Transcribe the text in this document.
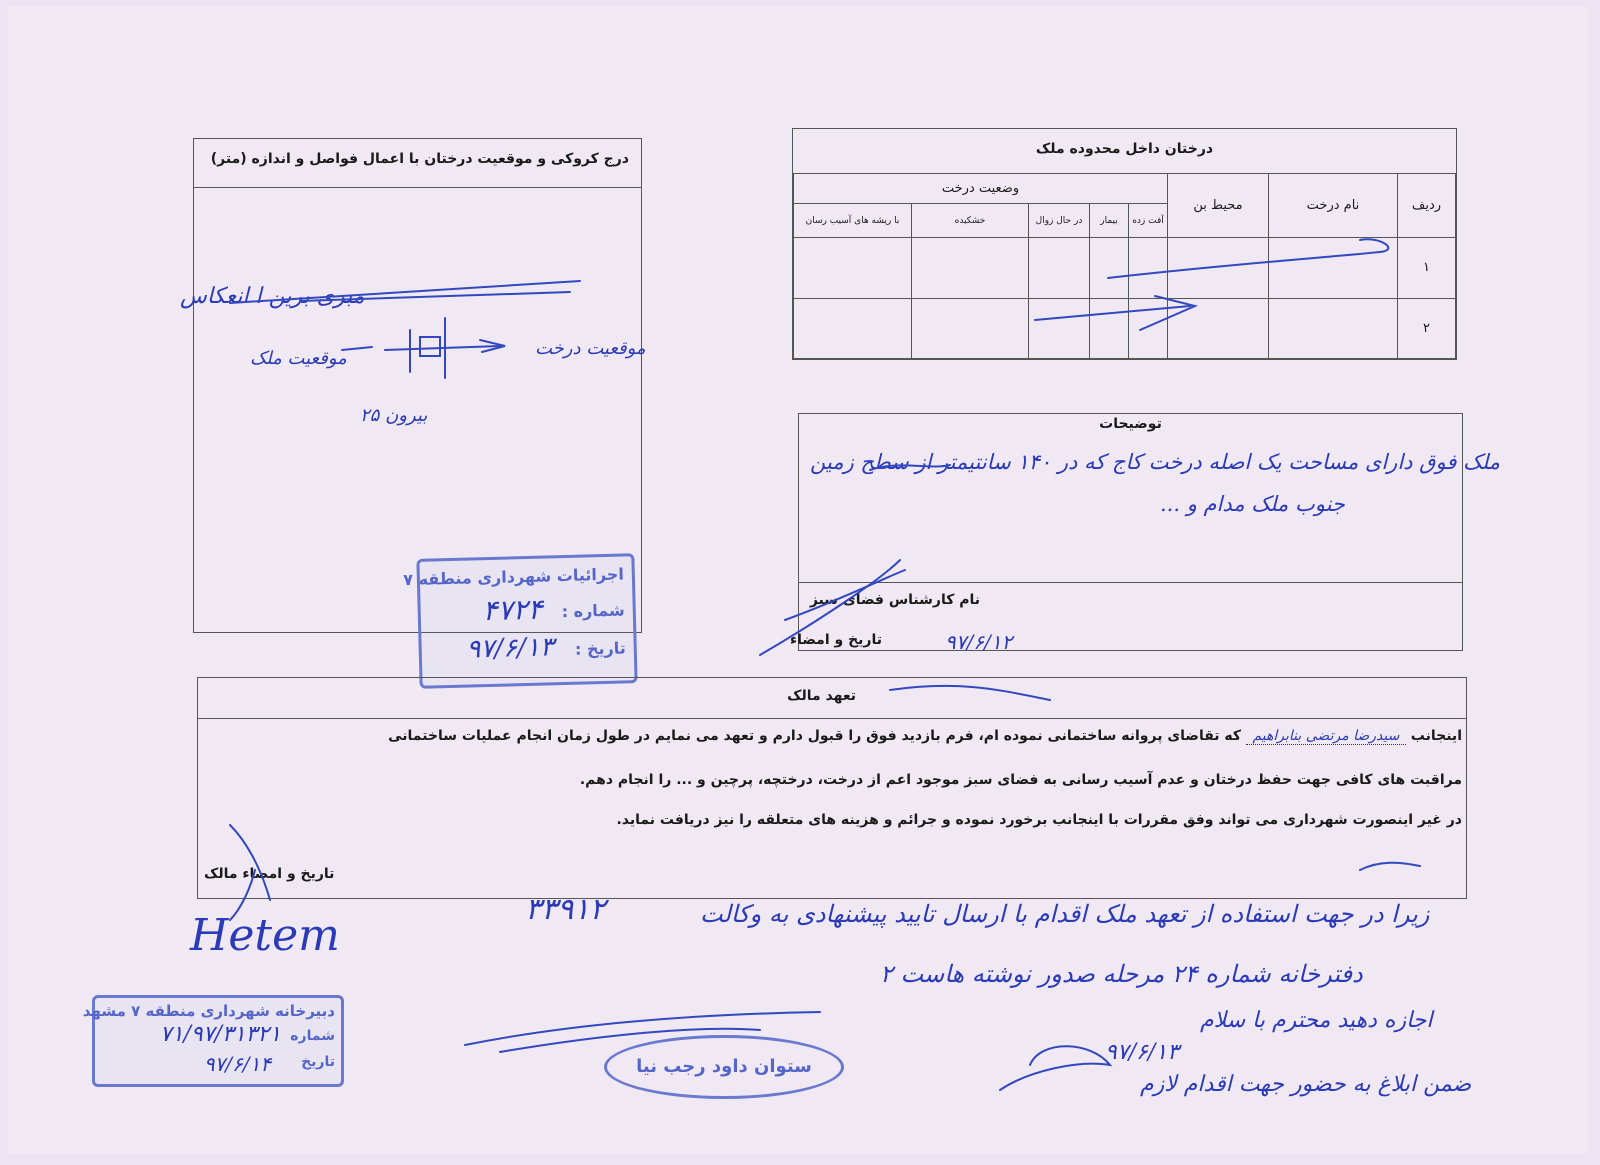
درج کروکی و موقعیت درختان با اعمال فواصل و اندازه (متر)
مبری برین ا انعکاس
موقعیت درخت
موقعیت ملک
بیرون ۲۵
درختان داخل محدوده ملک
ردیف	نام درخت	محیط بن	وضعیت درخت				
			آفت زده	بیمار	در حال زوال	خشکیده	با ریشه های آسیب رسان
۱							
۲							
توضیحات
نام کارشناس فضای سبز
تاریخ و امضاء
ملک فوق دارای مساحت یک اصله درخت کاج که در ۱۴۰ سانتیمتر از سطح زمین
جنوب ملک مدام و ...
۹۷/۶/۱۲
اجرائیات شهرداری منطقه ۷
شماره :
۴۷۲۴
تاریخ :
۹۷/۶/۱۳
تعهد مالک
اینجانب سیدرضا مرتضی بنابراهیم که تقاضای پروانه ساختمانی نموده ام، فرم بازدید فوق را قبول دارم و تعهد می نمایم در طول زمان انجام عملیات ساختمانی
مراقبت های کافی جهت حفظ درختان و عدم آسیب رسانی به فضای سبز موجود اعم از درخت، درختچه، پرچین و ... را انجام دهم.
در غیر اینصورت شهرداری می تواند وفق مقررات با اینجانب برخورد نموده و جرائم و هزینه های متعلقه را نیز دریافت نماید.
تاریخ و امضاء مالک
۳۳۹۱۲	زیرا در جهت استفاده از تعهد ملک اقدام با ارسال تایید پیشنهادی به وکالت
دفترخانه شماره ۲۴ مرحله صدور نوشته هاست ۲
اجازه دهید محترم با سلام
ضمن ابلاغ به حضور جهت اقدام لازم
۹۷/۶/۱۳
Hetem
دبیرخانه شهرداری منطقه ۷ مشهد
شماره
۷۱/۹۷/۳۱۳۲۱
تاریخ
۹۷/۶/۱۴	ستوان داود رجب نیا
